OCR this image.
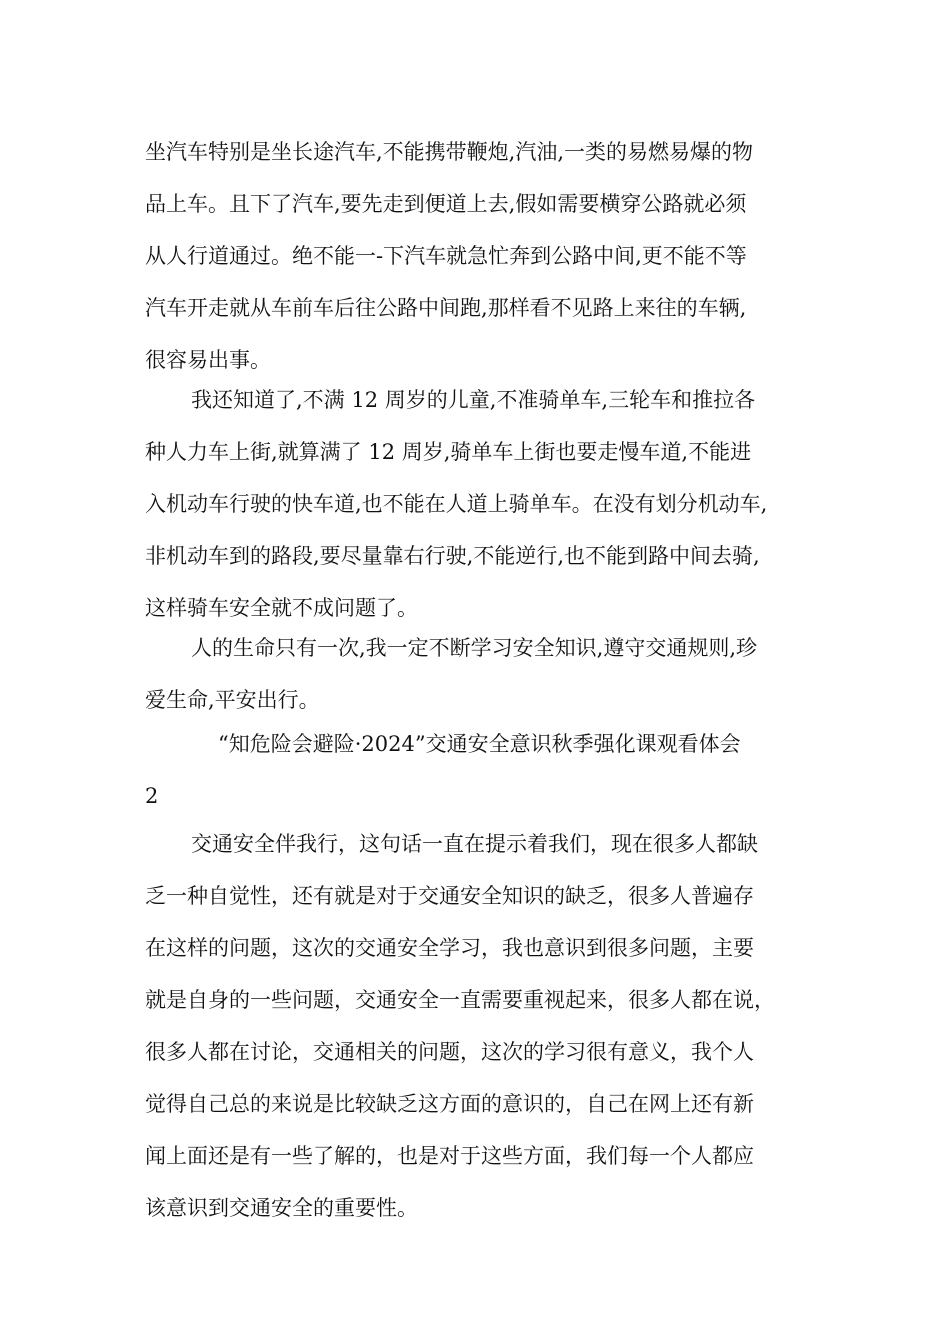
坐汽车特别是坐长途汽车,不能携带鞭炮,汽油,一类的易燃易爆的物
品上车。且下了汽车,要先走到便道上去,假如需要横穿公路就必须
从人行道通过。绝不能一-下汽车就急忙奔到公路中间,更不能不等
汽车开走就从车前车后往公路中间跑,那样看不见路上来往的车辆,
很容易出事。
我还知道了,不满 12 周岁的儿童,不准骑单车,三轮车和推拉各
种人力车上街,就算满了 12 周岁,骑单车上街也要走慢车道,不能进
入机动车行驶的快车道,也不能在人道上骑单车。在没有划分机动车,
非机动车到的路段,要尽量靠右行驶,不能逆行,也不能到路中间去骑,
这样骑车安全就不成问题了。
人的生命只有一次,我一定不断学习安全知识,遵守交通规则,珍
爱生命,平安出行。
“知危险会避险·2024”交通安全意识秋季强化课观看体会
2
交通安全伴我行，这句话一直在提示着我们，现在很多人都缺
乏一种自觉性，还有就是对于交通安全知识的缺乏，很多人普遍存
在这样的问题，这次的交通安全学习，我也意识到很多问题，主要
就是自身的一些问题，交通安全一直需要重视起来，很多人都在说，
很多人都在讨论，交通相关的问题，这次的学习很有意义，我个人
觉得自己总的来说是比较缺乏这方面的意识的，自己在网上还有新
闻上面还是有一些了解的，也是对于这些方面，我们每一个人都应
该意识到交通安全的重要性。
